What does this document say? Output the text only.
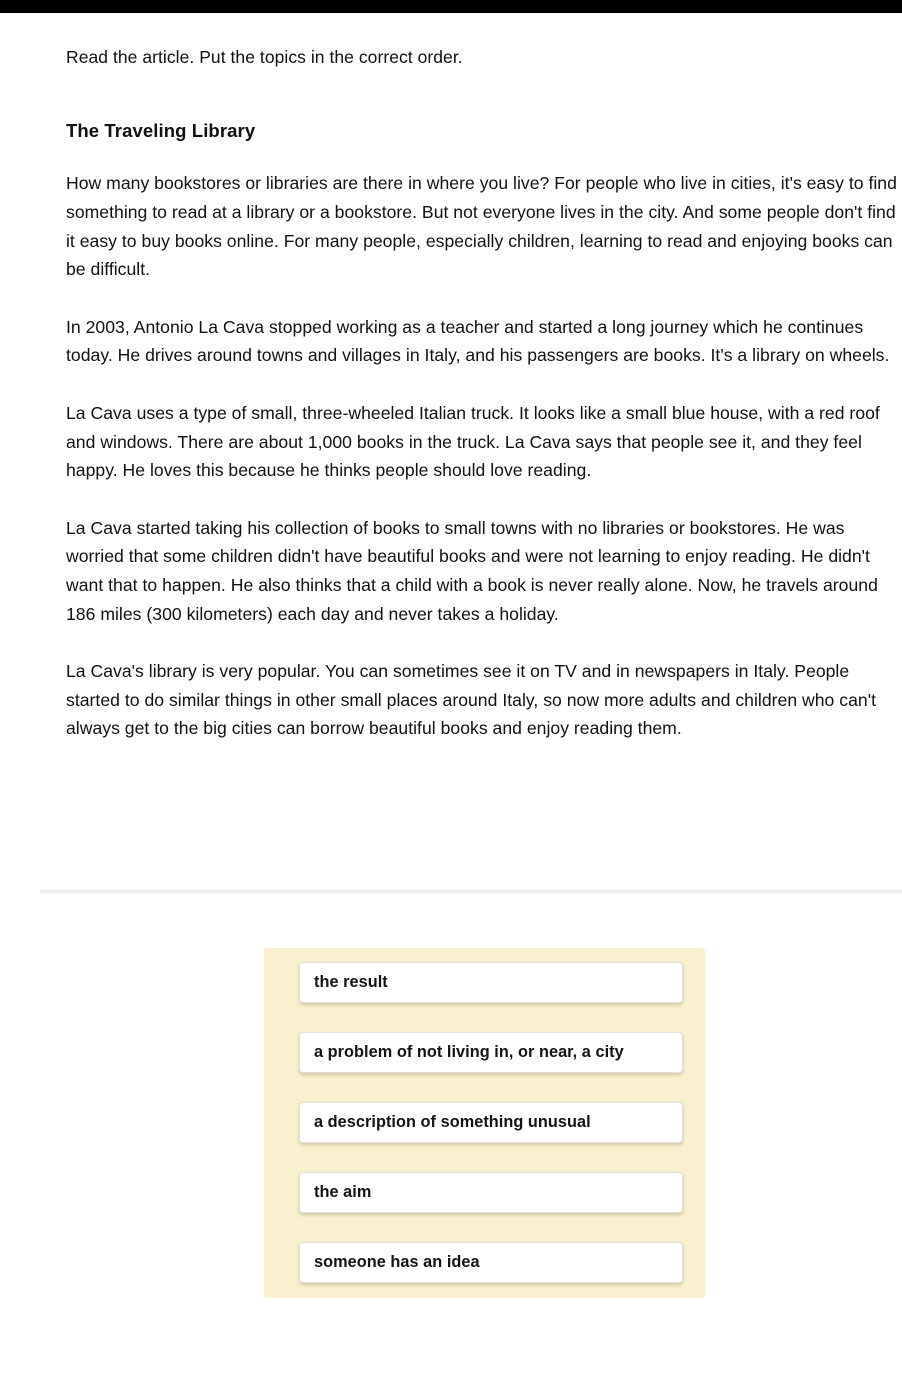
Read the article. Put the topics in the correct order.

The Traveling Library

How many bookstores or libraries are there in where you live? For people who live in cities, it's easy to find something to read at a library or a bookstore. But not everyone lives in the city. And some people don't find it easy to buy books online. For many people, especially children, learning to read and enjoying books can be difficult.

In 2003, Antonio La Cava stopped working as a teacher and started a long journey which he continues today. He drives around towns and villages in Italy, and his passengers are books. It's a library on wheels.

La Cava uses a type of small, three-wheeled Italian truck. It looks like a small blue house, with a red roof and windows. There are about 1,000 books in the truck. La Cava says that people see it, and they feel happy. He loves this because he thinks people should love reading.

La Cava started taking his collection of books to small towns with no libraries or bookstores. He was worried that some children didn't have beautiful books and were not learning to enjoy reading. He didn't want that to happen. He also thinks that a child with a book is never really alone. Now, he travels around 186 miles (300 kilometers) each day and never takes a holiday.

La Cava's library is very popular. You can sometimes see it on TV and in newspapers in Italy. People started to do similar things in other small places around Italy, so now more adults and children who can't always get to the big cities can borrow beautiful books and enjoy reading them.

the result
a problem of not living in, or near, a city
a description of something unusual
the aim
someone has an idea
